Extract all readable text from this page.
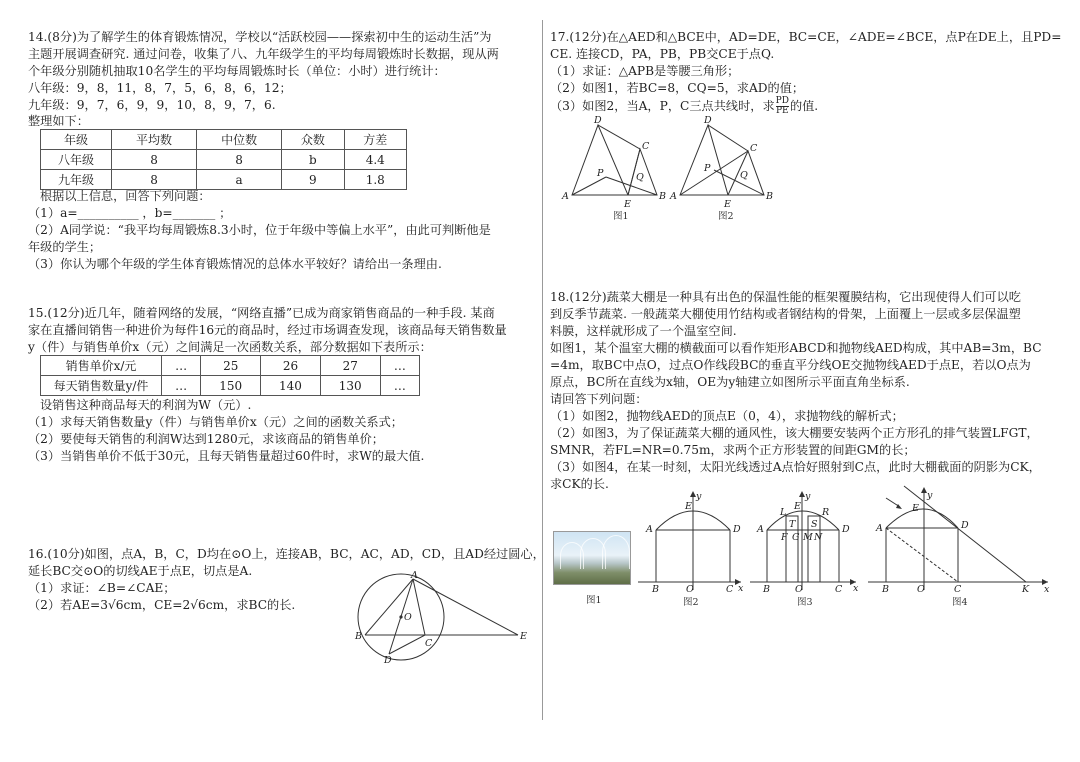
14.(8分)为了解学生的体育锻炼情况，学校以“活跃校园——探索初中生的运动生活”为
主题开展调查研究. 通过问卷，收集了八、九年级学生的平均每周锻炼时长数据，现从两
个年级分别随机抽取10名学生的平均每周锻炼时长（单位：小时）进行统计：
八年级：9，8，11，8，7，5，6，8，6，12；
九年级：9，7，6，9，9，10，8，9，7，6.
整理如下：
年级	平均数	中位数	众数	方差
八年级	8	8	b	4.4
九年级	8	a	9	1.8
根据以上信息，回答下列问题：
（1）a=__________ ，b=_______ ；
（2）A同学说：“我平均每周锻炼8.3小时，位于年级中等偏上水平”，由此可判断他是
年级的学生；
（3）你认为哪个年级的学生体育锻炼情况的总体水平较好？请给出一条理由.
15.(12分)近几年，随着网络的发展，“网络直播”已成为商家销售商品的一种手段. 某商
家在直播间销售一种进价为每件16元的商品时，经过市场调查发现，该商品每天销售数量
y（件）与销售单价x（元）之间满足一次函数关系，部分数据如下表所示：
销售单价x/元	…	25	26	27	…
每天销售数量y/件	…	150	140	130	…
设销售这种商品每天的利润为W（元）.
（1）求每天销售数量y（件）与销售单价x（元）之间的函数关系式；
（2）要使每天销售的利润W达到1280元，求该商品的销售单价；
（3）当销售单价不低于30元，且每天销售量超过60件时，求W的最大值.
16.(10分)如图，点A，B，C，D均在⊙O上，连接AB，BC，AC，AD，CD，且AD经过圆心，
延长BC交⊙O的切线AE于点E，切点是A.
（1）求证：∠B=∠CAE；
（2）若AE=3√6cm，CE=2√6cm，求BC的长.
A
B
C
D
E
O
17.(12分)在△AED和△BCE中，AD=DE，BC=CE，∠ADE=∠BCE，点P在DE上，且PD=
CE. 连接CD，PA，PB，PB交CE于点Q.
（1）求证：△APB是等腰三角形；
（2）如图1，若BC=8，CQ=5，求AD的值；
（3）如图2，当A，P，C三点共线时，求 $\frac{PD}{PE}$ 的值.
A	B
C
D
E
P	Q
图1
A	B
C
D
E
P
Q
图2
18.(12分)蔬菜大棚是一种具有出色的保温性能的框架覆膜结构，它出现使得人们可以吃
到反季节蔬菜. 一般蔬菜大棚使用竹结构或者钢结构的骨架，上面覆上一层或多层保温塑
料膜，这样就形成了一个温室空间.
如图1，某个温室大棚的横截面可以看作矩形ABCD和抛物线AED构成，其中AB=3m，BC
=4m，取BC中点O，过点O作线段BC的垂直平分线OE交抛物线AED于点E，若以O点为
原点，BC所在直线为x轴，OE为y轴建立如图所示平面直角坐标系.
请回答下列问题：
（1）如图2，抛物线AED的顶点E（0，4），求抛物线的解析式；
（2）如图3，为了保证蔬菜大棚的通风性，该大棚要安装两个正方形孔的排气装置LFGT，
SMNR，若FL=NR=0.75m，求两个正方形装置的间距GM的长；
（3）如图4，在某一时刻，太阳光线透过A点恰好照射到C点，此时大棚截面的阴影为CK，
求CK的长.
图1
A	D
E
y
x
B	O	C
图2
A	D
L
E
R
T S
F G M N
y
x
B	O	C
图3
A	D
E
y
x
B	O	C	K
图4
